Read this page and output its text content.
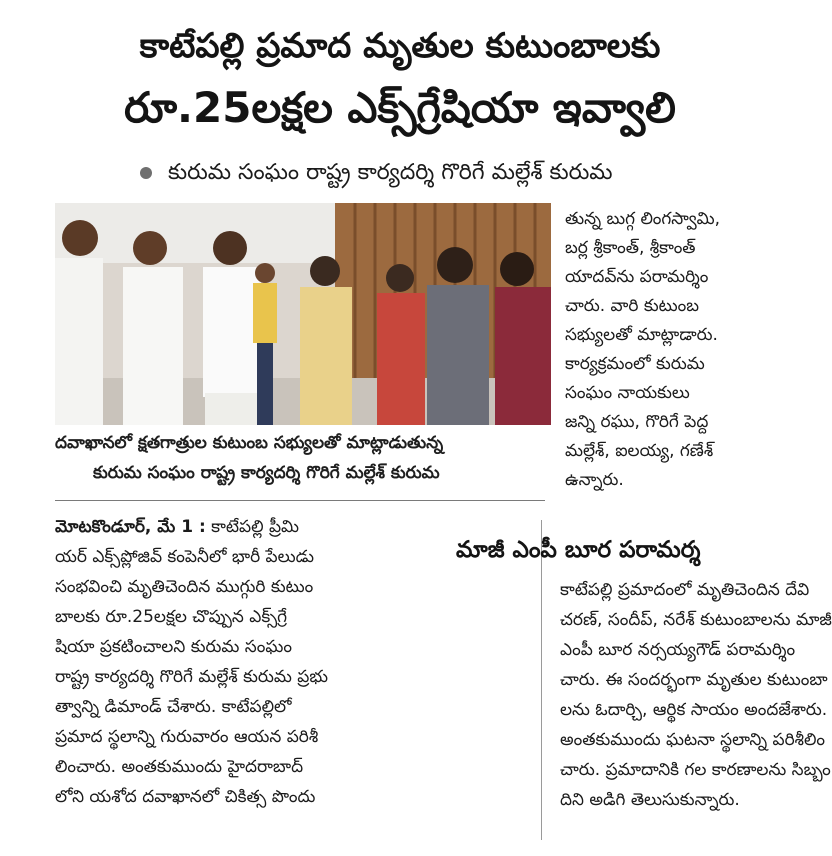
కాటేపల్లి ప్రమాద మృతుల కుటుంబాలకు
రూ.25లక్షల ఎక్స్‌గ్రేషియా ఇవ్వాలి
కురుమ సంఘం రాష్ట్ర కార్యదర్శి గొరిగే మల్లేశ్ కురుమ
దవాఖానలో క్షతగాత్రుల కుటుంబ సభ్యులతో మాట్లాడుతున్న
కురుమ సంఘం రాష్ట్ర కార్యదర్శి గొరిగే మల్లేశ్ కురుమ
తున్న బుగ్గ లింగస్వామి,
బర్ల శ్రీకాంత్, శ్రీకాంత్
యాదవ్‌ను పరామర్శిం
చారు. వారి కుటుంబ
సభ్యులతో మాట్లాడారు.
కార్యక్రమంలో కురుమ
సంఘం నాయకులు
జన్ని రఘు, గొరిగే పెద్ద
మల్లేశ్, ఐలయ్య, గణేశ్
ఉన్నారు.
మోటకొండూర్, మే 1 : కాటేపల్లి ప్రీమి
యర్ ఎక్స్‌ప్లోజివ్ కంపెనీలో భారీ పేలుడు
సంభవించి మృతిచెందిన ముగ్గురి కుటుం
బాలకు రూ.25లక్షల చొప్పున ఎక్స్‌గ్రే
షియా ప్రకటించాలని కురుమ సంఘం
రాష్ట్ర కార్యదర్శి గొరిగే మల్లేశ్ కురుమ ప్రభు
త్వాన్ని డిమాండ్ చేశారు. కాటేపల్లిలో
ప్రమాద స్థలాన్ని గురువారం ఆయన పరిశీ
లించారు. అంతకుముందు హైదరాబాద్
లోని యశోద దవాఖానలో చికిత్స పొందు
మాజీ ఎంపీ బూర పరామర్శ
కాటేపల్లి ప్రమాదంలో మృతిచెందిన దేవి
చరణ్, సందీప్, నరేశ్ కుటుంబాలను మాజీ
ఎంపీ బూర నర్సయ్యగౌడ్ పరామర్శిం
చారు. ఈ సందర్భంగా మృతుల కుటుంబా
లను ఓదార్చి, ఆర్థిక సాయం అందజేశారు.
అంతకుముందు ఘటనా స్థలాన్ని పరిశీలిం
చారు. ప్రమాదానికి గల కారణాలను సిబ్బం
దిని అడిగి తెలుసుకున్నారు.
